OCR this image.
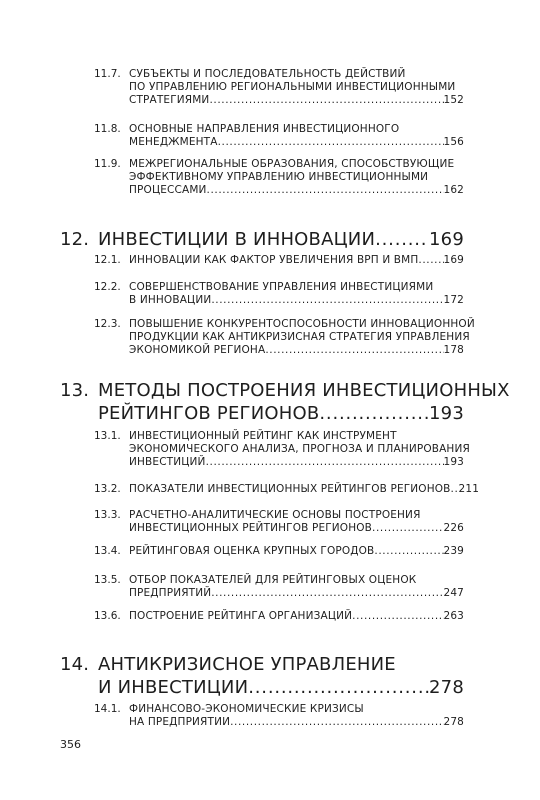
11.7. СУБЪЕКТЫ И ПОСЛЕДОВАТЕЛЬНОСТЬ ДЕЙСТВИЙ
ПО УПРАВЛЕНИЮ РЕГИОНАЛЬНЫМИ ИНВЕСТИЦИОННЫМИ
СТРАТЕГИЯМИ .....	152
11.8. ОСНОВНЫЕ НАПРАВЛЕНИЯ ИНВЕСТИЦИОННОГО
МЕНЕДЖМЕНТА .....	156
11.9. МЕЖРЕГИОНАЛЬНЫЕ ОБРАЗОВАНИЯ, СПОСОБСТВУЮЩИЕ
ЭФФЕКТИВНОМУ УПРАВЛЕНИЮ ИНВЕСТИЦИОННЫМИ
ПРОЦЕССАМИ .....	162
12. ИНВЕСТИЦИИ В ИННОВАЦИИ .....	169
12.1. ИННОВАЦИИ КАК ФАКТОР УВЕЛИЧЕНИЯ ВРП И ВМП ..... 169
12.2. СОВЕРШЕНСТВОВАНИЕ УПРАВЛЕНИЯ ИНВЕСТИЦИЯМИ
В ИННОВАЦИИ .....	172
12.3. ПОВЫШЕНИЕ КОНКУРЕНТОСПОСОБНОСТИ ИННОВАЦИОННОЙ
ПРОДУКЦИИ КАК АНТИКРИЗИСНАЯ СТРАТЕГИЯ УПРАВЛЕНИЯ
ЭКОНОМИКОЙ РЕГИОНА .....	178
13. МЕТОДЫ ПОСТРОЕНИЯ ИНВЕСТИЦИОННЫХ
РЕЙТИНГОВ РЕГИОНОВ .....	193
13.1. ИНВЕСТИЦИОННЫЙ РЕЙТИНГ КАК ИНСТРУМЕНТ
ЭКОНОМИЧЕСКОГО АНАЛИЗА, ПРОГНОЗА И ПЛАНИРОВАНИЯ
ИНВЕСТИЦИЙ .....	193
13.2. ПОКАЗАТЕЛИ ИНВЕСТИЦИОННЫХ РЕЙТИНГОВ РЕГИОНОВ ..... 211
13.3. РАСЧЕТНО-АНАЛИТИЧЕСКИЕ ОСНОВЫ ПОСТРОЕНИЯ
ИНВЕСТИЦИОННЫХ РЕЙТИНГОВ РЕГИОНОВ .....	226
13.4. РЕЙТИНГОВАЯ ОЦЕНКА КРУПНЫХ ГОРОДОВ .....	239
13.5. ОТБОР ПОКАЗАТЕЛЕЙ ДЛЯ РЕЙТИНГОВЫХ ОЦЕНОК
ПРЕДПРИЯТИЙ .....	247
13.6. ПОСТРОЕНИЕ РЕЙТИНГА ОРГАНИЗАЦИЙ .....	263
14. АНТИКРИЗИСНОЕ УПРАВЛЕНИЕ
И ИНВЕСТИЦИИ .....	278
14.1. ФИНАНСОВО-ЭКОНОМИЧЕСКИЕ КРИЗИСЫ
НА ПРЕДПРИЯТИИ .....	278
356
